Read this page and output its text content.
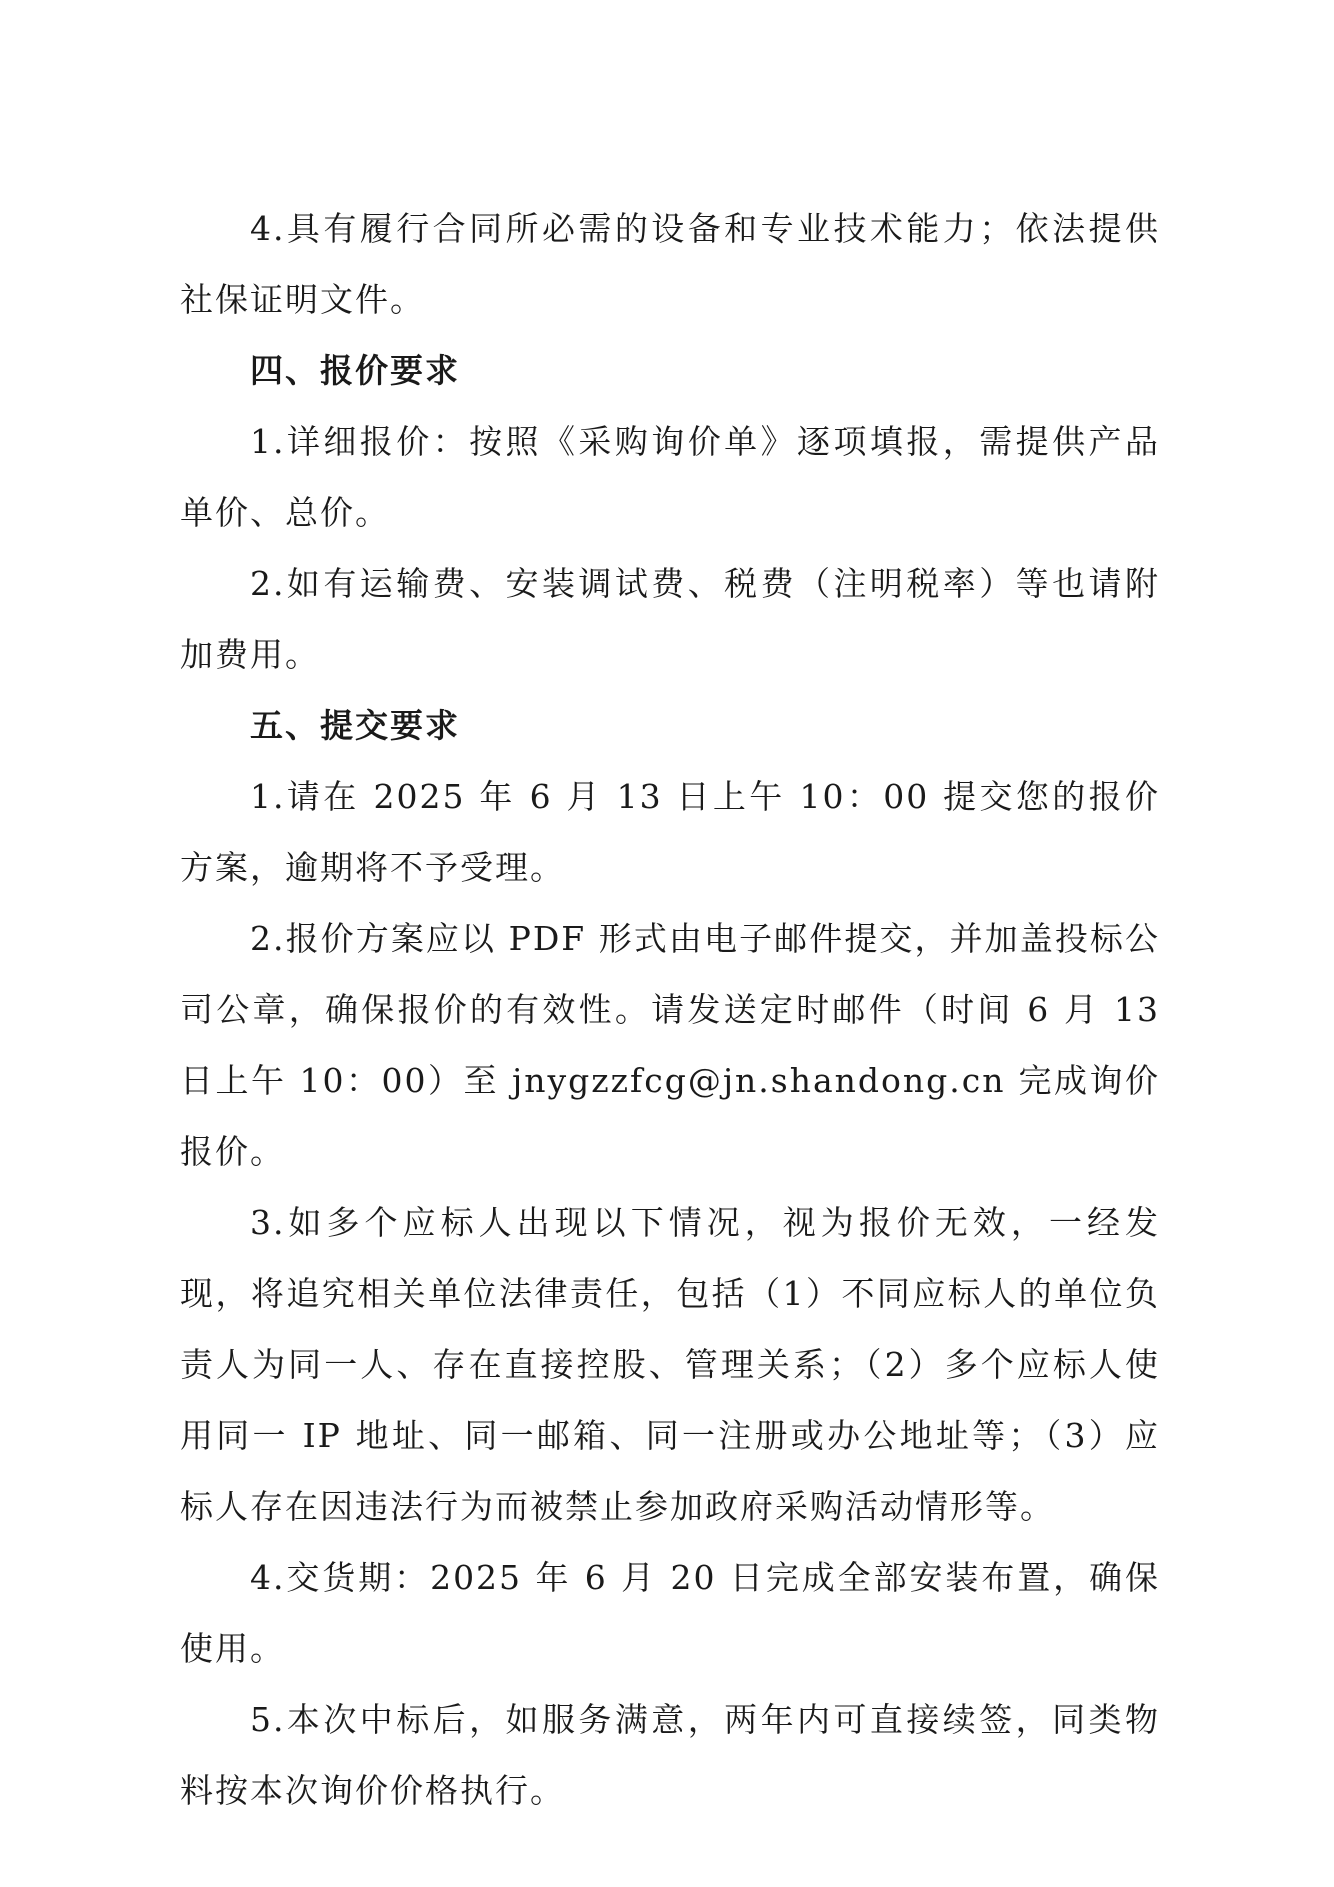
4.具有履行合同所必需的设备和专业技术能力；依法提供社保证明文件。

四、报价要求

1.详细报价：按照《采购询价单》逐项填报，需提供产品单价、总价。

2.如有运输费、安装调试费、税费（注明税率）等也请附加费用。

五、提交要求

1.请在 2025 年 6 月 13 日上午 10：00 提交您的报价方案，逾期将不予受理。

2.报价方案应以 PDF 形式由电子邮件提交，并加盖投标公司公章，确保报价的有效性。请发送定时邮件（时间 6 月 13 日上午 10：00）至 jnygzzfcg@jn.shandong.cn 完成询价报价。

3.如多个应标人出现以下情况，视为报价无效，一经发现，将追究相关单位法律责任，包括（1）不同应标人的单位负责人为同一人、存在直接控股、管理关系；（2）多个应标人使用同一 IP 地址、同一邮箱、同一注册或办公地址等；（3）应标人存在因违法行为而被禁止参加政府采购活动情形等。

4.交货期：2025 年 6 月 20 日完成全部安装布置，确保使用。

5.本次中标后，如服务满意，两年内可直接续签，同类物料按本次询价价格执行。
